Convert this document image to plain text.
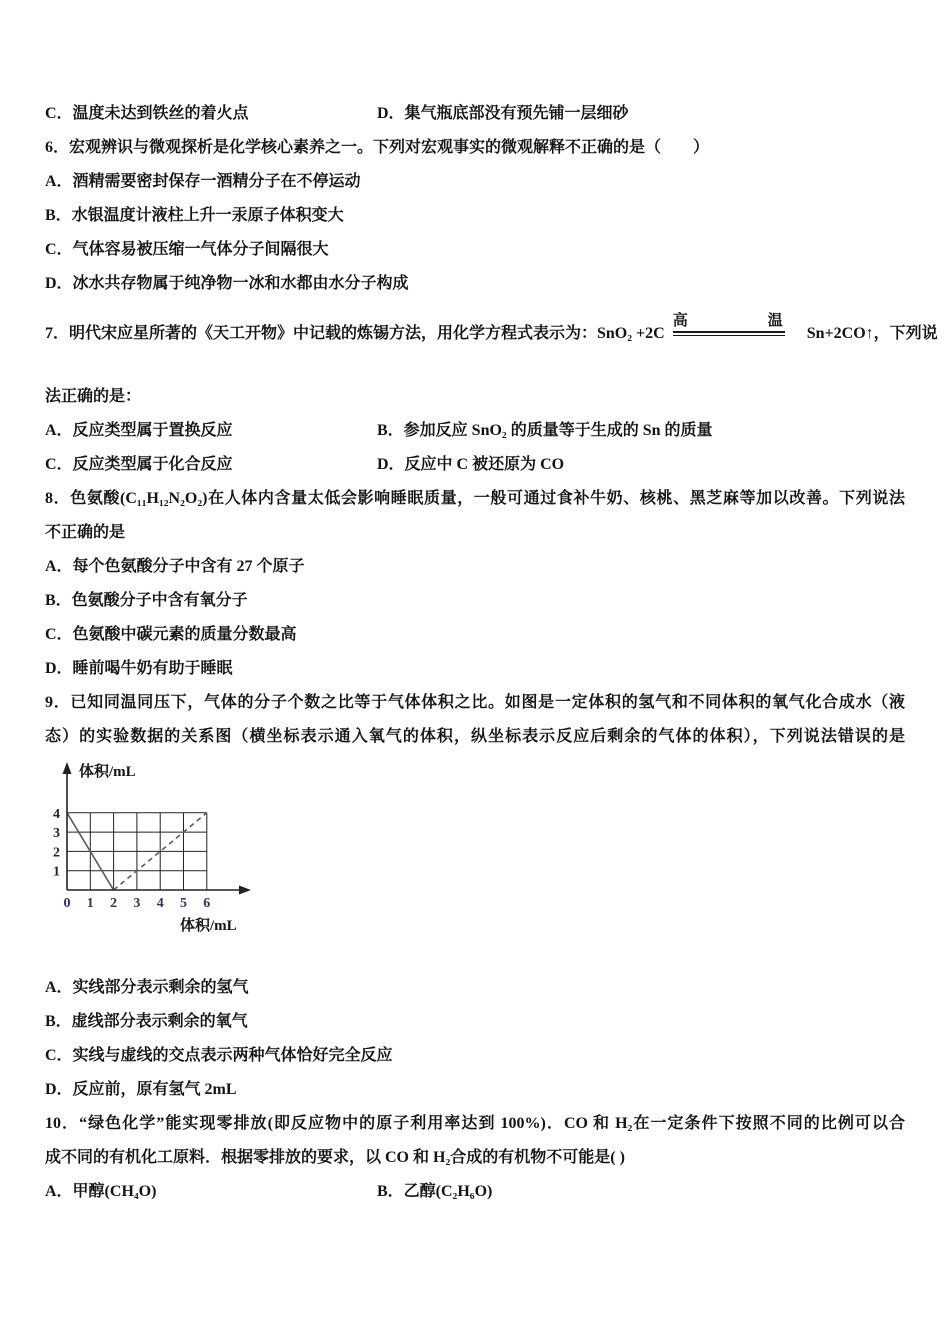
C．温度未达到铁丝的着火点	D．集气瓶底部没有预先铺一层细砂
6．宏观辨识与微观探析是化学核心素养之一。下列对宏观事实的微观解释不正确的是（　　）
A．酒精需要密封保存一酒精分子在不停运动
B．水银温度计液柱上升一汞原子体积变大
C．气体容易被压缩一气体分子间隔很大
D．冰水共存物属于纯净物一冰和水都由水分子构成
7．明代宋应星所著的《天工开物》中记载的炼锡方法，用化学方程式表示为：SnO₂ +2C
高温
Sn+2CO↑，下列说
法正确的是：
A．反应类型属于置换反应	B．参加反应 SnO₂ 的质量等于生成的 Sn 的质量
C．反应类型属于化合反应	D．反应中 C 被还原为 CO
8．色氨酸(C₁₁H₁₂N₂O₂)在人体内含量太低会影响睡眠质量，一般可通过食补牛奶、核桃、黑芝麻等加以改善。下列说法
不正确的是
A．每个色氨酸分子中含有 27 个原子
B．色氨酸分子中含有氧分子
C．色氨酸中碳元素的质量分数最高
D．睡前喝牛奶有助于睡眠
9．已知同温同压下，气体的分子个数之比等于气体体积之比。如图是一定体积的氢气和不同体积的氧气化合成水（液
态）的实验数据的关系图（横坐标表示通入氧气的体积，纵坐标表示反应后剩余的气体的体积），下列说法错误的是
0 1 2 3 4 5 6
1
2
3
4
体积/mL
体积/mL
A．实线部分表示剩余的氢气
B．虚线部分表示剩余的氧气
C．实线与虚线的交点表示两种气体恰好完全反应
D．反应前，原有氢气 2mL
10．“绿色化学”能实现零排放(即反应物中的原子利用率达到 100%)．CO 和 H₂在一定条件下按照不同的比例可以合
成不同的有机化工原料．根据零排放的要求，以 CO 和 H₂合成的有机物不可能是( )
A．甲醇(CH₄O)	B．乙醇(C₂H₆O)
